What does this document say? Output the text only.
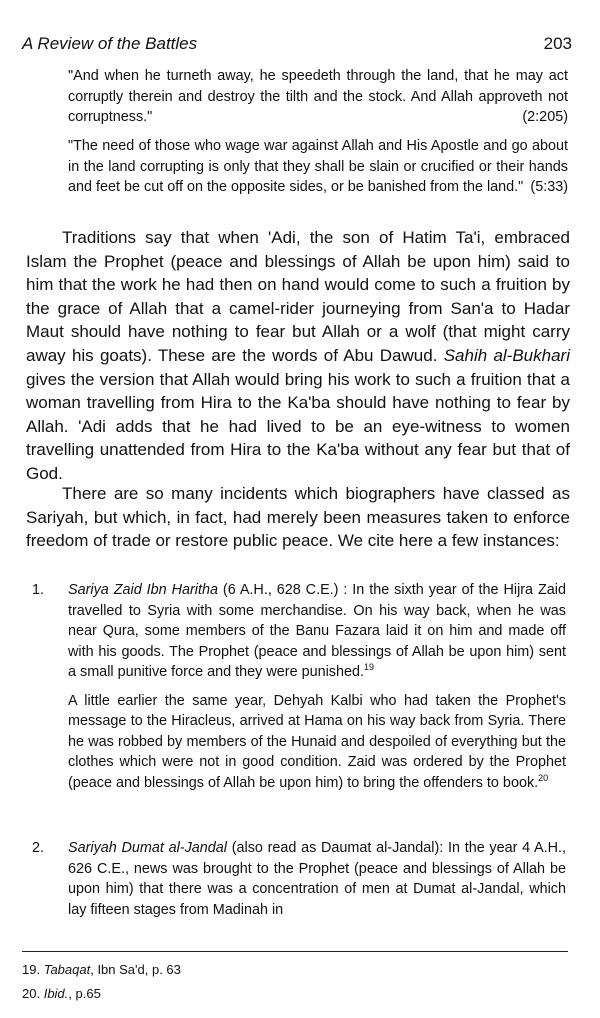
A Review of the Battles	203
"And when he turneth away, he speedeth through the land, that he may act corruptly therein and destroy the tilth and the stock. And Allah approveth not corruptness."	(2:205)
"The need of those who wage war against Allah and His Apostle and go about in the land corrupting is only that they shall be slain or crucified or their hands and feet be cut off on the opposite sides, or be banished from the land." (5:33)
Traditions say that when 'Adi, the son of Hatim Ta'i, embraced Islam the Prophet (peace and blessings of Allah be upon him) said to him that the work he had then on hand would come to such a fruition by the grace of Allah that a camel-rider journeying from San'a to Hadar Maut should have nothing to fear but Allah or a wolf (that might carry away his goats). These are the words of Abu Dawud. Sahih al-Bukhari gives the version that Allah would bring his work to such a fruition that a woman travelling from Hira to the Ka'ba should have nothing to fear by Allah. 'Adi adds that he had lived to be an eye-witness to women travelling unattended from Hira to the Ka'ba without any fear but that of God.
There are so many incidents which biographers have classed as Sariyah, but which, in fact, had merely been measures taken to enforce freedom of trade or restore public peace. We cite here a few instances:
1. Sariya Zaid Ibn Haritha (6 A.H., 628 C.E.) : In the sixth year of the Hijra Zaid travelled to Syria with some merchandise. On his way back, when he was near Qura, some members of the Banu Fazara laid it on him and made off with his goods. The Prophet (peace and blessings of Allah be upon him) sent a small punitive force and they were punished.$^{19}$
A little earlier the same year, Dehyah Kalbi who had taken the Prophet's message to the Hiracleus, arrived at Hama on his way back from Syria. There he was robbed by members of the Hunaid and despoiled of everything but the clothes which were not in good condition. Zaid was ordered by the Prophet (peace and blessings of Allah be upon him) to bring the offenders to book.$^{20}$
2. Sariyah Dumat al-Jandal (also read as Daumat al-Jandal): In the year 4 A.H., 626 C.E., news was brought to the Prophet (peace and blessings of Allah be upon him) that there was a concentration of men at Dumat al-Jandal, which lay fifteen stages from Madinah in
19. Tabaqat, Ibn Sa'd, p. 63
20. Ibid., p.65
